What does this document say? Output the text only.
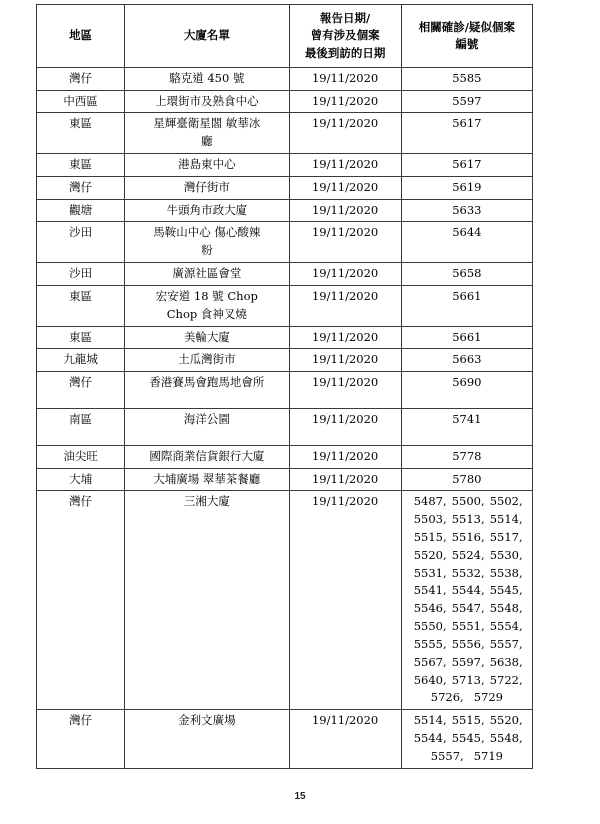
地區	大廈名單	報告日期/
曾有涉及個案
最後到訪的日期	相關確診/疑似個案
編號

灣仔	駱克道 450 號	19/11/2020	5585

中西區	上環街市及熟食中心	19/11/2020	5597

東區	星輝臺衛星閣 敏華冰
廳	19/11/2020	5617

東區	港島東中心	19/11/2020	5617

灣仔	灣仔街市	19/11/2020	5619

觀塘	牛頭角市政大廈	19/11/2020	5633

沙田	馬鞍山中心 傷心酸辣
粉	19/11/2020	5644

沙田	廣源社區會堂	19/11/2020	5658

東區	宏安道 18 號 Chop
Chop 食神叉燒	19/11/2020	5661

東區	美輪大廈	19/11/2020	5661

九龍城	土瓜灣街市	19/11/2020	5663

灣仔	香港賽馬會跑馬地會所	19/11/2020	5690

南區	海洋公園	19/11/2020	5741

油尖旺	國際商業信貨銀行大廈	19/11/2020	5778

大埔	大埔廣場 翠華茶餐廳	19/11/2020	5780

灣仔	三湘大廈	19/11/2020	5487, 5500, 5502,
5503, 5513, 5514,
5515, 5516, 5517,
5520, 5524, 5530,
5531, 5532, 5538,
5541, 5544, 5545,
5546, 5547, 5548,
5550, 5551, 5554,
5555, 5556, 5557,
5567, 5597, 5638,
5640, 5713, 5722,
5726, 5729

灣仔	金利文廣場	19/11/2020	5514, 5515, 5520,
5544, 5545, 5548,
5557, 5719
15
